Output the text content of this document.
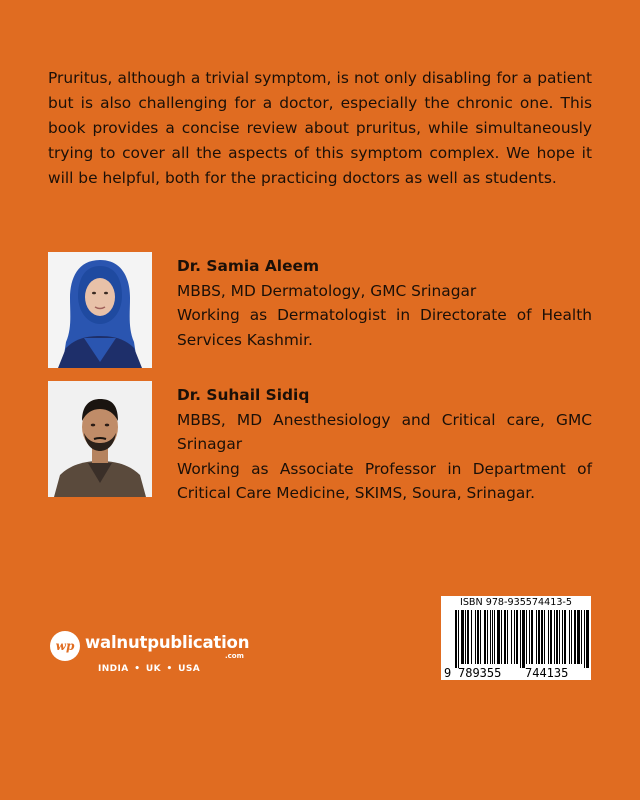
Pruritus, although a trivial symptom, is not only disabling for a patient but is also challenging for a doctor, especially the chronic one. This book provides a concise review about pruritus, while simultaneously trying to cover all the aspects of this symptom complex. We hope it will be helpful, both for the practicing doctors as well as students.
Dr. Samia Aleem
MBBS, MD Dermatology, GMC Srinagar
Working as Dermatologist in Directorate of Health Services Kashmir.
Dr. Suhail Sidiq
MBBS, MD Anesthesiology and Critical care, GMC Srinagar
Working as Associate Professor in Department of Critical Care Medicine, SKIMS, Soura, Srinagar.
wp walnutpublication
.com
INDIA • UK • USA
ISBN 978-935574413-5
9 789355 744135
